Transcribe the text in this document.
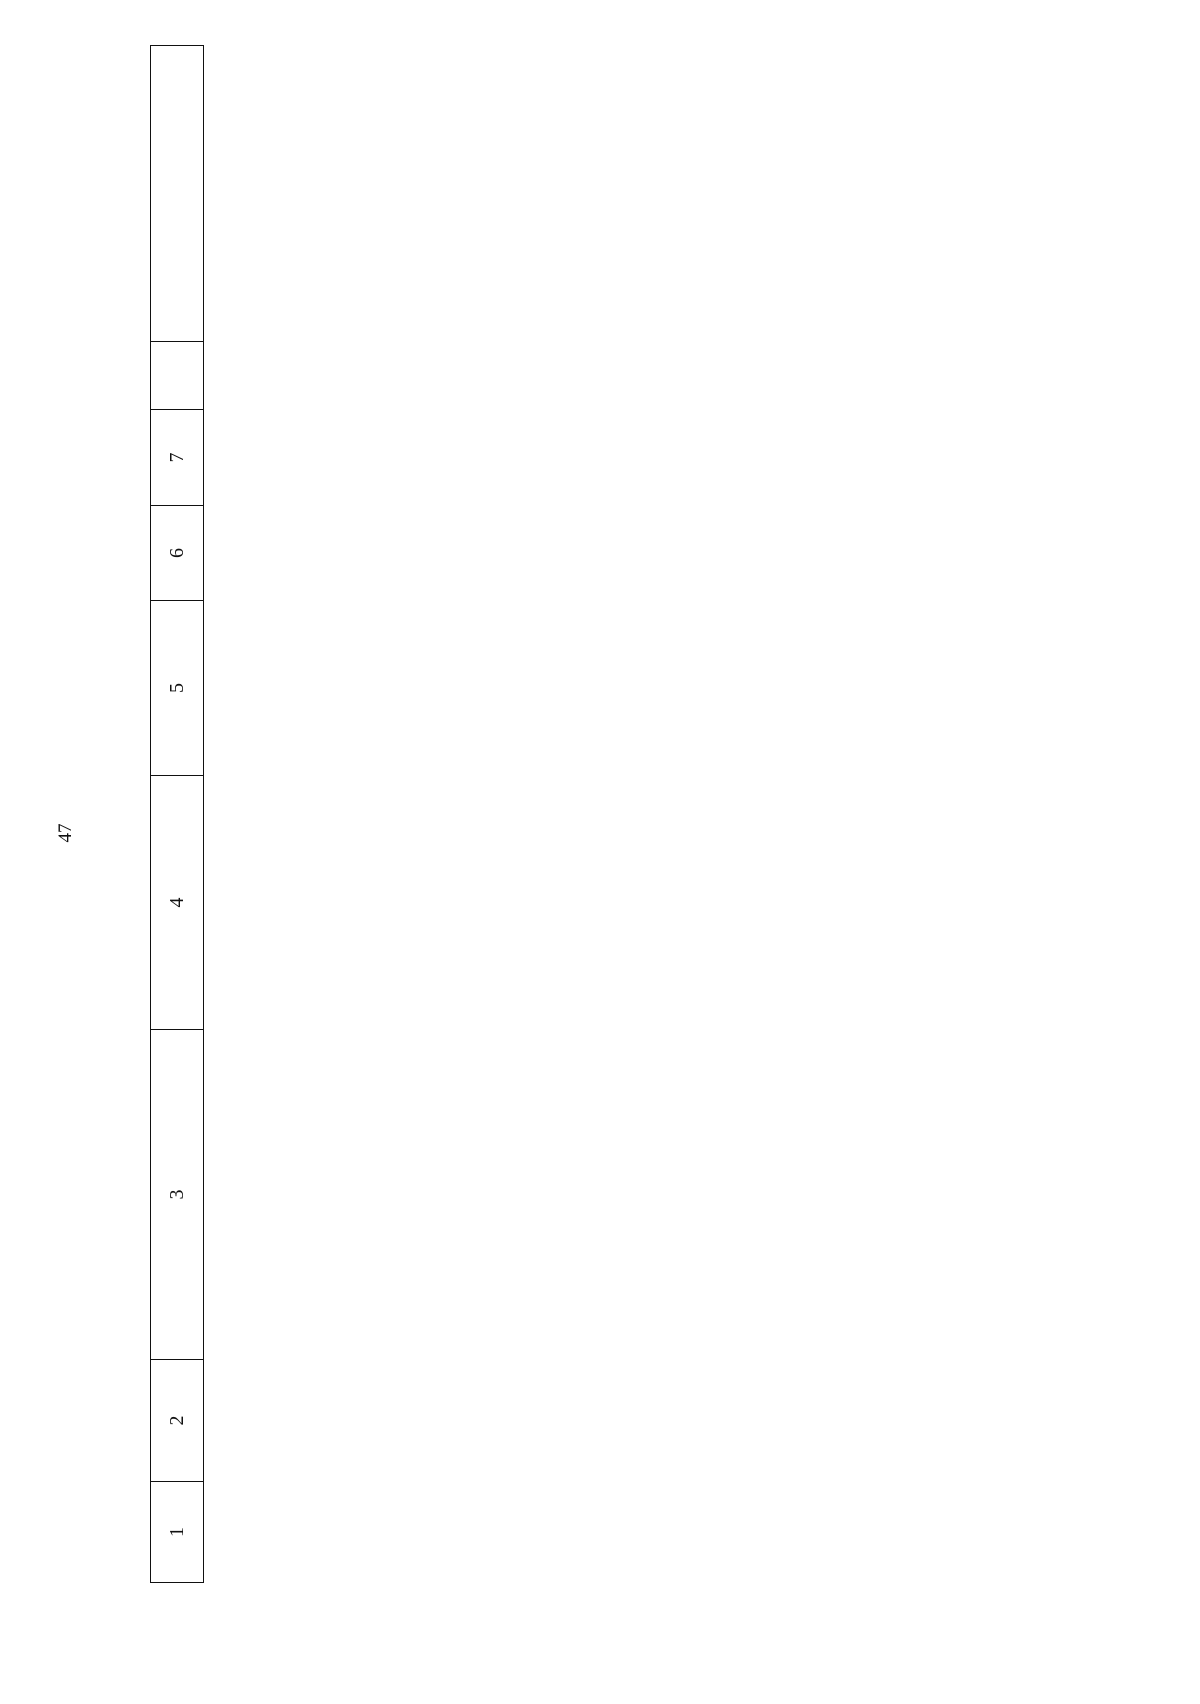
47
1	2	3	4	5	6	7		
